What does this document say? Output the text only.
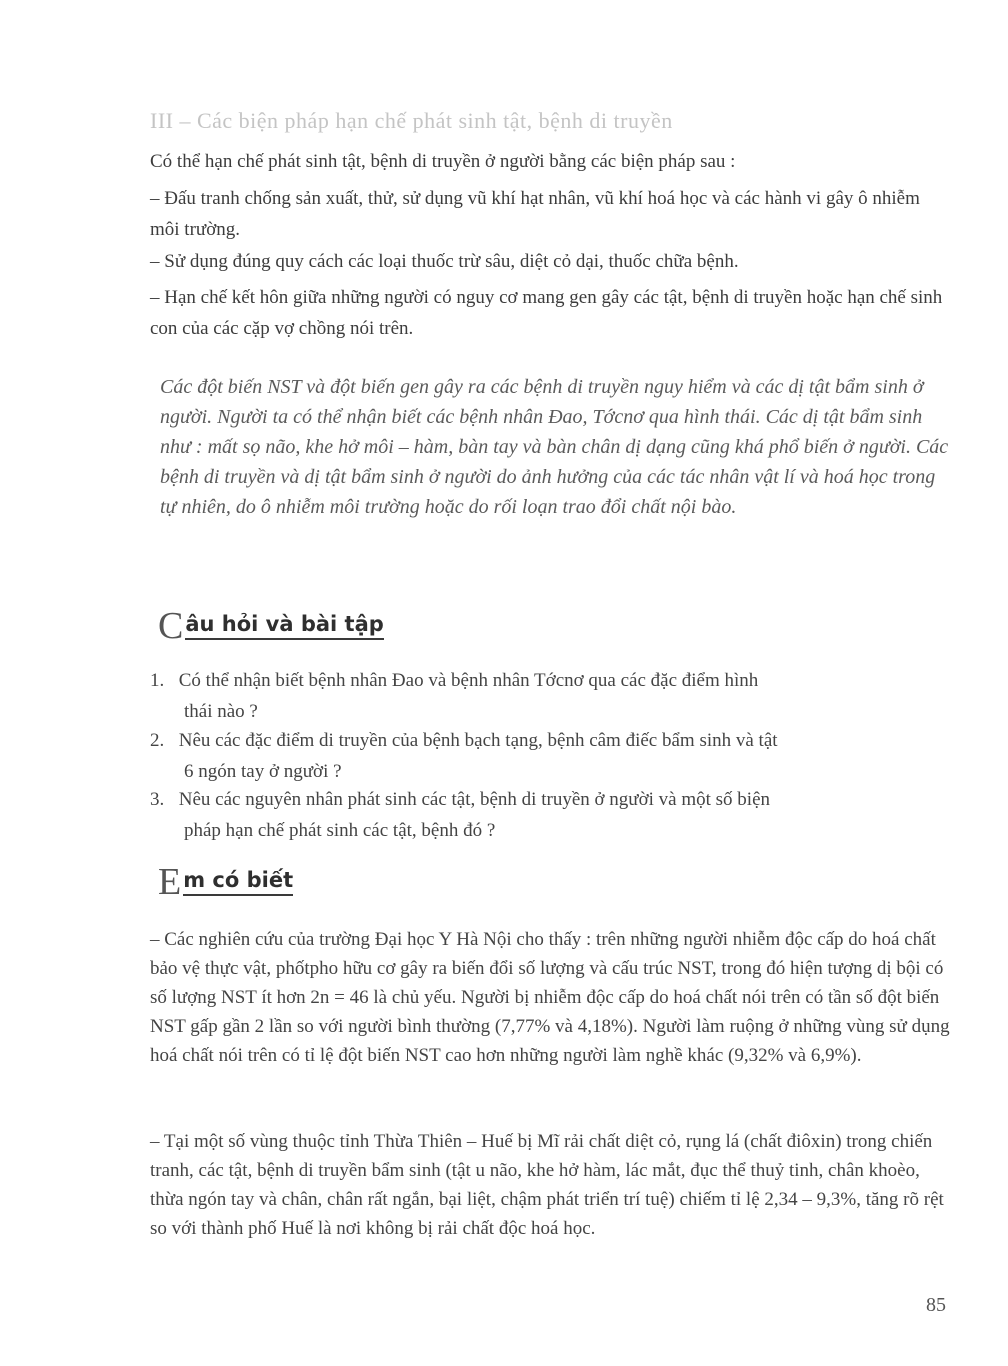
III – Các biện pháp hạn chế phát sinh tật, bệnh di truyền
Có thể hạn chế phát sinh tật, bệnh di truyền ở người bằng các biện pháp sau :
– Đấu tranh chống sản xuất, thử, sử dụng vũ khí hạt nhân, vũ khí hoá học và các hành vi gây ô nhiễm môi trường.
– Sử dụng đúng quy cách các loại thuốc trừ sâu, diệt cỏ dại, thuốc chữa bệnh.
– Hạn chế kết hôn giữa những người có nguy cơ mang gen gây các tật, bệnh di truyền hoặc hạn chế sinh con của các cặp vợ chồng nói trên.
Các đột biến NST và đột biến gen gây ra các bệnh di truyền nguy hiểm và các dị tật bẩm sinh ở người. Người ta có thể nhận biết các bệnh nhân Đao, Tớcnơ qua hình thái. Các dị tật bẩm sinh như : mất sọ não, khe hở môi – hàm, bàn tay và bàn chân dị dạng cũng khá phổ biến ở người. Các bệnh di truyền và dị tật bẩm sinh ở người do ảnh hưởng của các tác nhân vật lí và hoá học trong tự nhiên, do ô nhiễm môi trường hoặc do rối loạn trao đổi chất nội bào.
C âu hỏi và bài tập
1. Có thể nhận biết bệnh nhân Đao và bệnh nhân Tớcnơ qua các đặc điểm hình
thái nào ?
2. Nêu các đặc điểm di truyền của bệnh bạch tạng, bệnh câm điếc bẩm sinh và tật
6 ngón tay ở người ?
3. Nêu các nguyên nhân phát sinh các tật, bệnh di truyền ở người và một số biện
pháp hạn chế phát sinh các tật, bệnh đó ?
E m có biết
– Các nghiên cứu của trường Đại học Y Hà Nội cho thấy : trên những người nhiễm độc cấp do hoá chất bảo vệ thực vật, phốtpho hữu cơ gây ra biến đổi số lượng và cấu trúc NST, trong đó hiện tượng dị bội có số lượng NST ít hơn 2n = 46 là chủ yếu. Người bị nhiễm độc cấp do hoá chất nói trên có tần số đột biến NST gấp gần 2 lần so với người bình thường (7,77% và 4,18%). Người làm ruộng ở những vùng sử dụng hoá chất nói trên có tỉ lệ đột biến NST cao hơn những người làm nghề khác (9,32% và 6,9%).
– Tại một số vùng thuộc tỉnh Thừa Thiên – Huế bị Mĩ rải chất diệt cỏ, rụng lá (chất điôxin) trong chiến tranh, các tật, bệnh di truyền bẩm sinh (tật u não, khe hở hàm, lác mắt, đục thể thuỷ tinh, chân khoèo, thừa ngón tay và chân, chân rất ngắn, bại liệt, chậm phát triển trí tuệ) chiếm tỉ lệ 2,34 – 9,3%, tăng rõ rệt so với thành phố Huế là nơi không bị rải chất độc hoá học.
85
